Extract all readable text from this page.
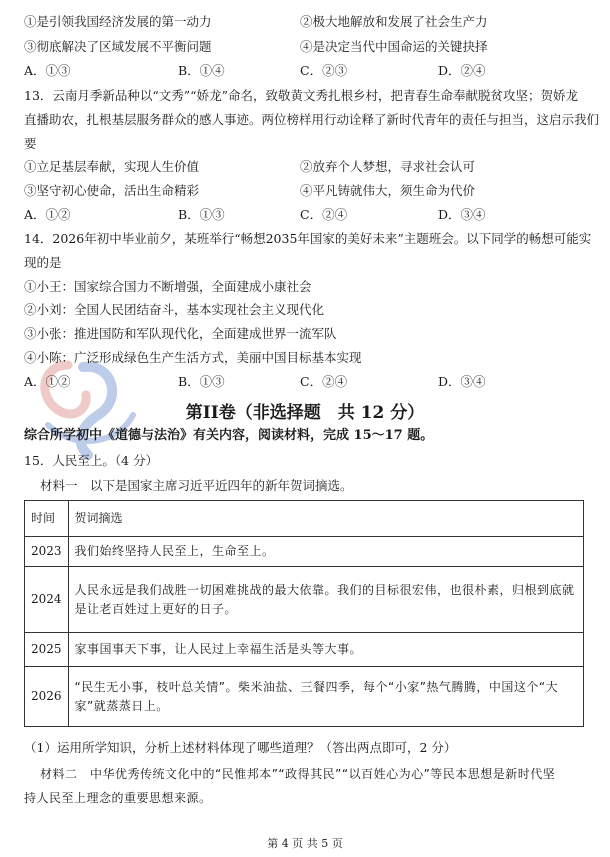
①是引领我国经济发展的第一动力	②极大地解放和发展了社会生产力
③彻底解决了区域发展不平衡问题	④是决定当代中国命运的关键抉择
A．①③	B．①④	C．②③	D．②④
13．云南月季新品种以“文秀”“娇龙”命名，致敬黄文秀扎根乡村，把青春生命奉献脱贫攻坚；贺娇龙
直播助农，扎根基层服务群众的感人事迹。两位榜样用行动诠释了新时代青年的责任与担当，这启示我们
要
①立足基层奉献，实现人生价值	②放弃个人梦想，寻求社会认可
③坚守初心使命，活出生命精彩	④平凡铸就伟大，须生命为代价
A．①②	B．①③	C．②④	D．③④
14．2026年初中毕业前夕，某班举行“畅想2035年国家的美好未来”主题班会。以下同学的畅想可能实
现的是
①小王：国家综合国力不断增强，全面建成小康社会
②小刘：全国人民团结奋斗，基本实现社会主义现代化
③小张：推进国防和军队现代化，全面建成世界一流军队
④小陈：广泛形成绿色生产生活方式，美丽中国目标基本实现
A．①②	B．①③	C．②④	D．③④
第II卷（非选择题　共 12 分）
综合所学初中《道德与法治》有关内容，阅读材料，完成 15～17 题。
15．人民至上。（4 分）
材料一　以下是国家主席习近平近四年的新年贺词摘选。
时间	贺词摘选
2023	我们始终坚持人民至上，生命至上。
2024	人民永远是我们战胜一切困难挑战的最大依靠。我们的目标很宏伟，也很朴素，归根到底就是让老百姓过上更好的日子。
2025	家事国事天下事，让人民过上幸福生活是头等大事。
2026	“民生无小事，枝叶总关情”。柴米油盐、三餐四季，每个“小家”热气腾腾，中国这个“大家”就蒸蒸日上。
（1）运用所学知识，分析上述材料体现了哪些道理？（答出两点即可，2 分）
材料二　中华优秀传统文化中的“民惟邦本”“政得其民”“以百姓心为心”等民本思想是新时代坚
持人民至上理念的重要思想来源。
第 4 页 共 5 页
